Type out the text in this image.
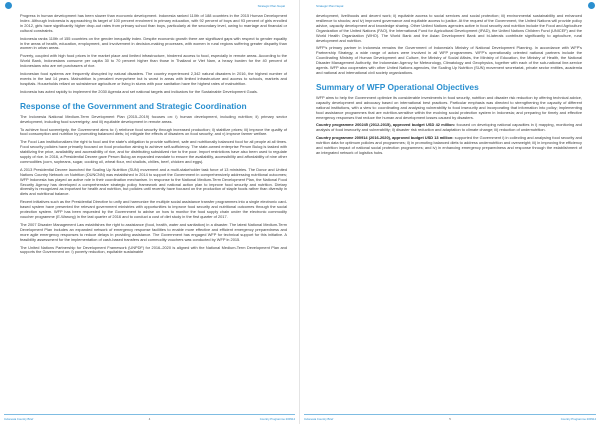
Strategic Plan Nepal

Progress in human development has been slower than economic development. Indonesia ranked 110th of 188 countries in the 2015 Human Development Index. Although Indonesia is approaching its target of 100 percent enrolment in primary education, with 92 percent of boys and 93 percent of girls enrolled in 2012, girls have significantly higher drop-out rates from primary school than boys, particularly at the secondary level, owing to marriage and financial or cultural constraints.

Indonesia ranks 110th of 155 countries on the gender inequality index. Despite economic growth there are significant gaps with respect to gender equality in the areas of health, education, employment, and involvement in decision-making processes, with women in rural regions suffering greater disparity than women in urban areas.

Poverty, coupled with high food prices in the market place and limited infrastructure, hindered access to food, especially in remote areas. According to the World Bank, Indonesians consume per capita 30 to 70 percent higher than those in Thailand or Viet Nam, a heavy burden for the 40 percent of Indonesians who are net purchasers of rice.

Indonesian food systems are frequently disrupted by natural disasters. The country experienced 2,342 natural disasters in 2016, the highest number of events in the last 14 years. Malnutrition is prevalent everywhere but is worst in areas with limited infrastructure and access to schools, markets and hospitals. Households reliant on subsistence agriculture or living in slums with poor sanitation have the highest rates of malnutrition.

Indonesia has acted rapidly to implement the 2030 Agenda and set national targets and indicators for the Sustainable Development Goals.

Response of the Government and Strategic Coordination

The Indonesia National Medium-Term Development Plan (2015–2019) focuses on: i) human development, including nutrition; ii) primary sector development, including food sovereignty; and iii) equitable development in remote areas.

To achieve food sovereignty, the Government aims to: i) reinforce food security through increased production; ii) stabilize prices; iii) improve the quality of food consumption and nutrition by promoting balanced diets; iv) mitigate the effects of disasters on food security; and v) improve farmer welfare.

The Food Law institutionalizes the right to food and the state's obligation to provide sufficient, safe and nutritionally balanced food for all people at all times. Food security policies have primarily focused on food production aiming to achieve self-sufficiency. The state-owned enterprise Perum Bulog is tasked with stabilizing the price, availability and accessibility of rice, and for distributing subsidized rice to the poor. Import restrictions have also been used to regulate supply of rice. In 2016, a Presidential Decree gave Perum Bulog an expanded mandate to ensure the availability, accessibility and affordability of nine other commodities (corn, soybeans, sugar, cooking oil, wheat flour, red shallots, chilies, beef, chicken and eggs).

A 2013 Presidential Decree launched the Scaling Up Nutrition (SUN) movement and a multi-stakeholder task force of 13 ministries. The Donor and United Nations Country Network on Nutrition (DUNCNN) was established in 2014 to support the Government in comprehensively addressing nutritional outcomes; WFP Indonesia has played an active role in their coordination mechanism. In response to the National Medium-Term Development Plan, the National Food Security Agency has developed a comprehensive strategic policy framework and national action plan to improve food security and nutrition. Dietary diversity is recognized as important for health and nutrition, but policies until recently have focused on the production of staple foods rather than diversity in diets and nutritional balance.

Recent initiatives such as the Presidential Directive to unify and harmonize the multiple social assistance transfer programmes into a single electronic card-based system have presented the relevant government ministries with opportunities to improve food security and nutritional outcomes through the social protection system. WFP has been requested by the Government to advise on how to monitor the food supply chain under the electronic commodity voucher programme (E-Warung) in the last quarter of 2016 and to conduct a cost of diet study in the first quarter of 2017.

The 2007 Disaster Management Law establishes the right to assistance (food, health, water and sanitation) in a disaster. The latest National Medium-Term Development Plan includes an expanded network of emergency response facilities to enable more effective and efficient emergency preparedness and more agile emergency responses to reduce delays in providing assistance. The Government has engaged WFP for technical support for this initiative. A feasibility assessment for the implementation of cash-based transfers and commodity vouchers was conducted by WFP in 2015.

The United Nations Partnership for Development Framework (UNPDF) for 2016–2020 is aligned with the National Medium-Term Development Plan and supports the Government on: i) poverty reduction, equitable sustainable

Indonesia Country Brief	4	Country Programme 200914
Strategic Plan Nepal

development, livelihoods and decent work; ii) equitable access to social services and social protection; iii) environmental sustainability and enhanced resilience to shocks; and iv) improved governance and equitable access to justice. At the request of the Government, the United Nations will provide policy advice, capacity development and knowledge sharing. Other United Nations agencies active in food security and nutrition include the Food and Agriculture Organization of the United Nations (FAO), the International Fund for Agricultural Development (IFAD), the United Nations Children Fund (UNICEF) and the World Health Organization (WHO). The World Bank and the Asian Development Bank and bi-laterals contribute significantly to agriculture, rural development and nutrition.

WFP's primary partner in Indonesia remains the Government of Indonesia's Ministry of National Development Planning. In accordance with WFP's Partnership Strategy, a wide range of actors were involved in all WFP programmes. WFP's operationally oriented national partners include the Coordinating Ministry of Human Development and Culture, the Ministry of Social Affairs, the Ministry of Education, the Ministry of Health, the National Disaster Management Authority, the Indonesian Agency for Meteorology, Climatology and Geophysics, together with each of the sub-national line-service agents. WFP also cooperates with other United Nations agencies, the Scaling Up Nutrition (SUN) movement secretariat, private sector entities, academia and national and international civil society organizations.

Summary of WFP Operational Objectives

WFP aims to help the Government optimize its considerable investments in food security, nutrition and disaster risk reduction by offering technical advice, capacity development and advocacy based on international best practices. Particular emphasis was directed to strengthening the capacity of different national institutions, with a view to: coordinating and analysing vulnerability to food insecurity and incorporating that information into policy; implementing food assistance programmes that are nutrition-sensitive within the evolving social protection system in Indonesia; and preparing for timely and effective emergency responses that reduce the human and development losses caused by disasters.

Country programme 200245 (2012-2015), approved budget USD 42 million: focused on developing national capacities in i) mapping, monitoring and analysis of food insecurity and vulnerability; ii) disaster risk reduction and adaptation to climate change; iii) reduction of undernutrition.

Country programme 200914 (2016-2020), approved budget USD 13 million: supported the Government i) in collecting and analysing food security and nutrition data for optimum policies and programmes; ii) in promoting balanced diets to address undernutrition and overweight; iii) in improving the efficiency and nutrition impact of national social protection programmes; and iv) in enhancing emergency preparedness and response through the establishment of an integrated network of logistics hubs.

Indonesia Country Brief	5	Country Programme 200914
